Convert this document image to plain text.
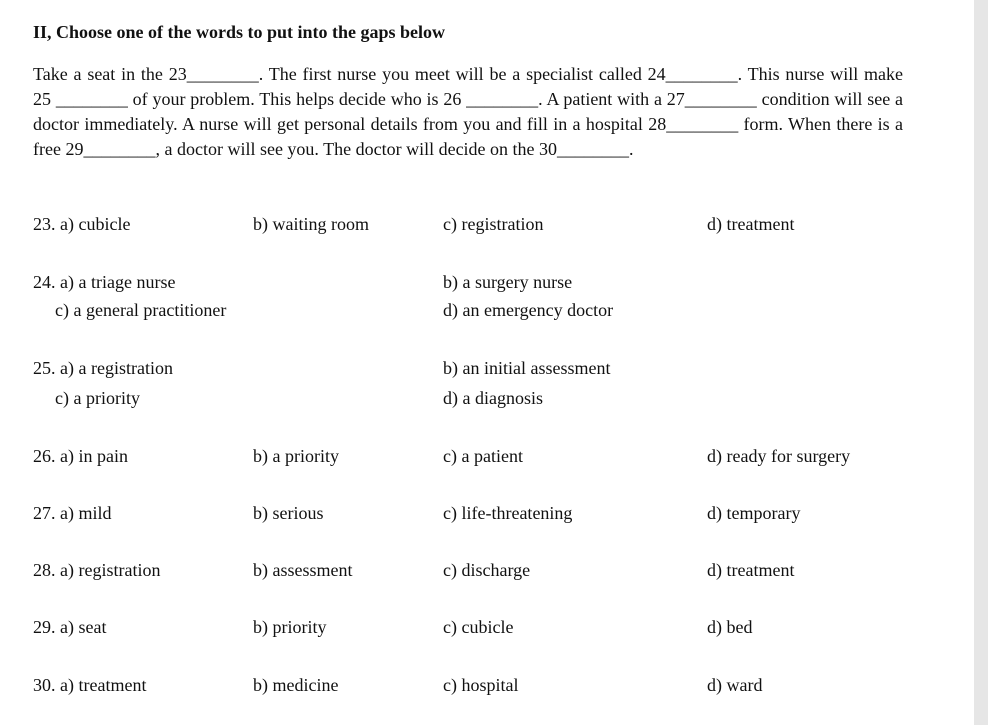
II, Choose one of the words to put into the gaps below
Take a seat in the 23________. The first nurse you meet will be a specialist called 24________. This nurse will make 25 ________ of your problem. This helps decide who is 26 ________. A patient with a 27________ condition will see a doctor immediately. A nurse will get personal details from you and fill in a hospital 28________ form. When there is a free 29________, a doctor will see you. The doctor will decide on the 30________.
23. a) cubicle	b) waiting room	c) registration	d) treatment
24. a) a triage nurse	b) a surgery nurse
c) a general practitioner	d) an emergency doctor
25. a) a registration	b) an initial assessment
c) a priority	d) a diagnosis
26. a) in pain	b) a priority	c) a patient	d) ready for surgery
27. a) mild	b) serious	c) life-threatening	d) temporary
28. a) registration	b) assessment	c) discharge	d) treatment
29. a) seat	b) priority	c) cubicle	d) bed
30. a) treatment	b) medicine	c) hospital	d) ward
